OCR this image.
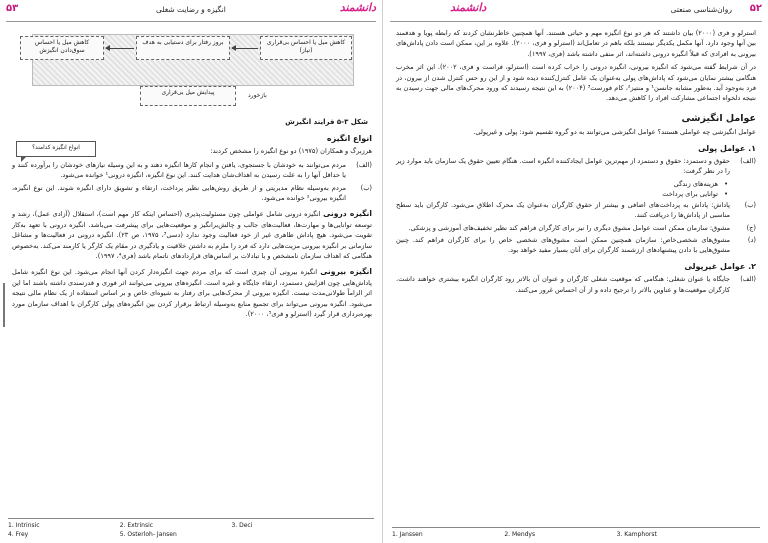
۵۳	انگیزه و رضایت شغلی	دانشمند
کاهش میل یا احساس سوق‌دادن انگیزش
بروز رفتار برای دستیابی به هدف	کاهش میل یا احساس بی‌قراری (نیاز)
پیدایش میل بی‌قراری	بازخورد
شکل ۳-۵ فرایند انگیزش
انواع انگیزه کدامند؟
انواع انگیزه

هرزبرگ و همکاران (۱۹۷۵) دو نوع انگیزه را مشخص کردند:

(الف)
مردم می‌توانند به خودشان با جستجوی، یافتن و انجام کارها انگیزه دهند و به این وسیله نیازهای خودشان را برآورده کنند و یا حداقل آنها را به علت رسیدن به اهداف‌شان هدایت کنند. این نوع انگیزه، انگیزه درونی¹ خوانده می‌شود.
(ب)
مردم به‌وسیله نظام مدیریتی و از طریق روش‌هایی نظیر پرداخت، ارتقاء و تشویق دارای انگیزه شوند. این نوع انگیزه، انگیزه بیرونی² خوانده می‌شود.

انگیزه درونی انگیزه درونی شامل عواملی چون مسئولیت‌پذیری (احساس اینکه کار مهم است)، استقلال (آزادی عمل)، رشد و توسعه توانایی‌ها و مهارت‌ها، فعالیت‌های جالب و چالش‌برانگیز و موقعیت‌هایی برای پیشرفت می‌باشد. انگیزه درونی با تعهد به‌کار تقویت می‌شود. هیچ پاداش ظاهری غیر از خود فعالیت وجود ندارد (دسی³، ۱۹۷۵، ص ۲۳). انگیزه درونی در فعالیت‌ها و مشاغل سازمانی بر انگیزه بیرونی مزیت‌هایی دارد که فرد را ملزم به داشتن خلاقیت و یادگیری در مقام یک کارگر یا کارمند می‌کند. به‌خصوص هنگامی که اهداف سازمان نامشخص و یا تبادلات بر اساس‌های قراردادهای ناتمام باشد (فری⁴، ۱۹۹۷).

انگیزه بیرونی انگیزه بیرونی آن چیزی است که برای مردم جهت انگیزه‌دار کردن آنها انجام می‌شود. این نوع انگیزه شامل پاداش‌هایی چون افزایش دستمزد، ارتقاء جایگاه و غیره است. انگیزه‌های بیرونی می‌توانند اثر فوری و قدرتمندی داشته باشند اما این اثر الزاماً طولانی‌مدت نیست. انگیزه بیرونی از محرک‌هایی برای رفتار به شیوه‌ای خاص و بر اساس استفاده از یک نظام مالی نتیجه می‌شود. انگیزه بیرونی می‌تواند برای تجمیع منابع به‌وسیله ارتباط برقرار کردن بین انگیزه‌های پولی کارگران با اهداف سازمان مورد بهره‌برداری قرار گیرد (استرلو و فری⁵، ۲۰۰۰).

1. Intrinsic	2. Extrinsic	3. Deci
4. Frey	5. Osterloh- Jansen
دانشمند	روان‌شناسی صنعتی ۵۲

استرلو و فری (۲۰۰۰) بیان داشتند که هر دو نوع انگیزه مهم و حیاتی هستند. آنها همچنین خاطرنشان کردند که رابطه پویا و هدفمند بین آنها وجود دارد. آنها مکمل یکدیگر نیستند بلکه باهم در تعامل‌اند (استرلو و فری، ۲۰۰۰). علاوه بر این، ممکن است دادن پاداش‌های بیرونی به افرادی که قبلاً انگیزه درونی داشته‌اند، اثر منفی داشته باشد (فری، ۱۹۹۷).

در آن شرایط گفته می‌شود که انگیزه بیرونی، انگیزه درونی را خراب کرده است (استرلو، فراست و فری، ۲۰۰۲). این اثر مخرب هنگامی بیشتر نمایان می‌شود که پاداش‌های پولی به‌عنوان یک عامل کنترل‌کننده دیده شود و از این رو حس کنترل شدن از بیرون، در فرد به‌وجود آید. به‌طور مشابه جانسن¹ و منتیز²، کام فورست³ (۲۰۰۴) به این نتیجه رسیدند که ورود محرک‌های مالی جهت رسیدن به نتیجه دلخواه اجتماعی مشارکت افراد را کاهش می‌دهد.

عوامل انگیزشی

عوامل انگیزشی چه عواملی هستند؟ عوامل انگیزشی می‌توانند به دو گروه تقسیم شود: پولی و غیرپولی.

۱. عوامل پولی
(الف)
حقوق و دستمزد: حقوق و دستمزد از مهم‌ترین عوامل ایجادکننده انگیزه است. هنگام تعیین حقوق یک سازمان باید موارد زیر را در نظر گرفت:
• هزینه‌های زندگی
• توانایی برای پرداخت
(ب)
پاداش: پاداش به پرداخت‌های اضافی و بیشتر از حقوق کارگران به‌عنوان یک محرک اطلاق می‌شود. کارگران باید سطح مناسبی از پاداش‌ها را دریافت کنند.
(ج)
مشوق: سازمان ممکن است عوامل مشوق دیگری را نیز برای کارگران فراهم کند نظیر تخفیف‌های آموزشی و پزشکی.
(د)
مشوق‌های شخصی‌خاص: سازمان همچنین ممکن است مشوق‌های شخصی خاص را برای کارگران فراهم کند. چنین مشوق‌هایی با دادن پیشنهادهای ارزشمند کارگران برای آنان بسیار مفید خواهد بود.
۲. عوامل غیرپولی
(الف)
جایگاه یا عنوان شغلی: هنگامی که موقعیت شغلی کارگران و عنوان آن بالاتر رود کارگران انگیزه بیشتری خواهند داشت. کارگران موقعیت‌ها و عناوین بالاتر را ترجیح داده و از آن احساس غرور می‌کنند.
1. Janssen	2. Mendys	3. Kamphorst
